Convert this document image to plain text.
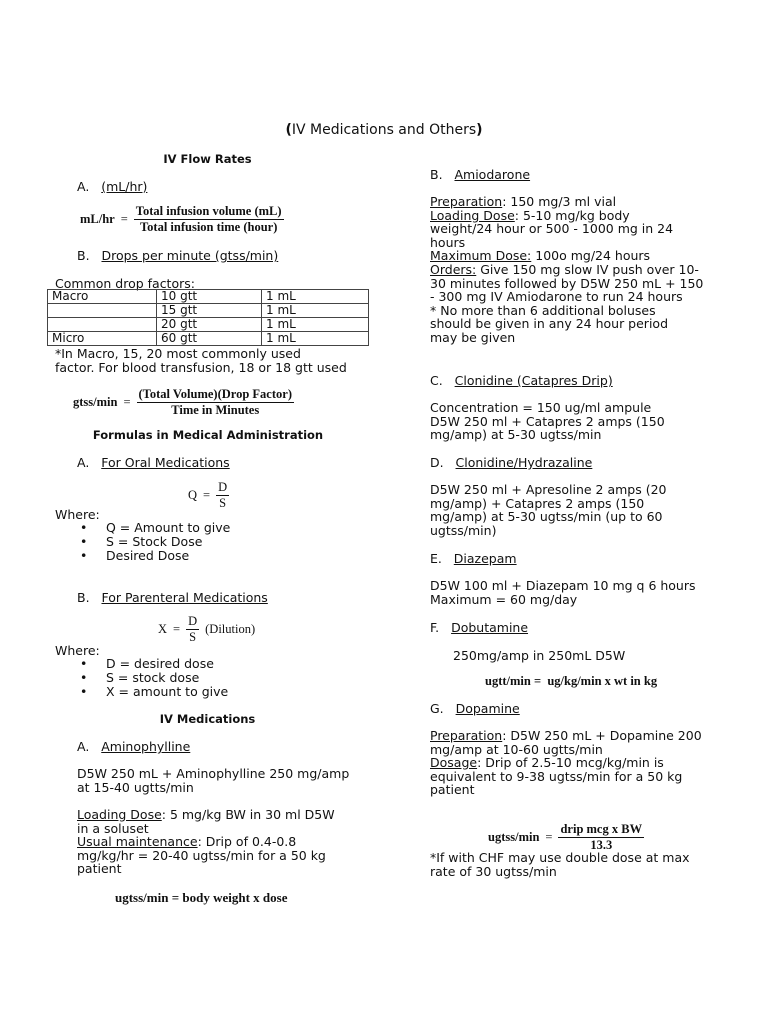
(IV Medications and Others)
IV Flow Rates
A. (mL/hr)
$mL/hr = \frac{\text{Total infusion volume (mL)}}{\text{Total infusion time (hour)}}$
B. Drops per minute (gtss/min)
Common drop factors:
Macro	10 gtt	1 mL
	15 gtt	1 mL
	20 gtt	1 mL
Micro	60 gtt	1 mL
*In Macro, 15, 20 most commonly used
factor. For blood transfusion, 18 or 18 gtt used
gtss/min = $\frac{\text{(Total Volume)(Drop Factor)}}{\text{Time in Minutes}}$
Formulas in Medical Administration
A. For Oral Medications
$Q = \frac{D}{S}$
Where:
• Q = Amount to give
• S = Stock Dose
• Desired Dose
B. For Parenteral Medications
$X = \frac{D}{S}$ (Dilution)
Where:
• D = desired dose
• S = stock dose
• X = amount to give
IV Medications
A. Aminophylline
D5W 250 mL + Aminophylline 250 mg/amp
at 15-40 ugtts/min
Loading Dose: 5 mg/kg BW in 30 ml D5W
in a soluset
Usual maintenance: Drip of 0.4-0.8
mg/kg/hr = 20-40 ugtss/min for a 50 kg
patient
ugtss/min = body weight x dose
B. Amiodarone
Preparation: 150 mg/3 ml vial
Loading Dose: 5-10 mg/kg body
weight/24 hour or 500 - 1000 mg in 24
hours
Maximum Dose: 100o mg/24 hours
Orders: Give 150 mg slow IV push over 10-
30 minutes followed by D5W 250 mL + 150
- 300 mg IV Amiodarone to run 24 hours
* No more than 6 additional boluses
should be given in any 24 hour period
may be given
C. Clonidine (Catapres Drip)
Concentration = 150 ug/ml ampule
D5W 250 ml + Catapres 2 amps (150
mg/amp) at 5-30 ugtss/min
D. Clonidine/Hydrazaline
D5W 250 ml + Apresoline 2 amps (20
mg/amp) + Catapres 2 amps (150
mg/amp) at 5-30 ugtss/min (up to 60
ugtss/min)
E. Diazepam
D5W 100 ml + Diazepam 10 mg q 6 hours
Maximum = 60 mg/day
F. Dobutamine
250mg/amp in 250mL D5W
ugtt/min =  ug/kg/min x wt in kg
G. Dopamine
Preparation: D5W 250 mL + Dopamine 200
mg/amp at 10-60 ugtts/min
Dosage: Drip of 2.5-10 mcg/kg/min is
equivalent to 9-38 ugtss/min for a 50 kg
patient
ugtss/min = $\frac{\text{drip mcg x BW}}{13.3}$
*If with CHF may use double dose at max
rate of 30 ugtss/min
